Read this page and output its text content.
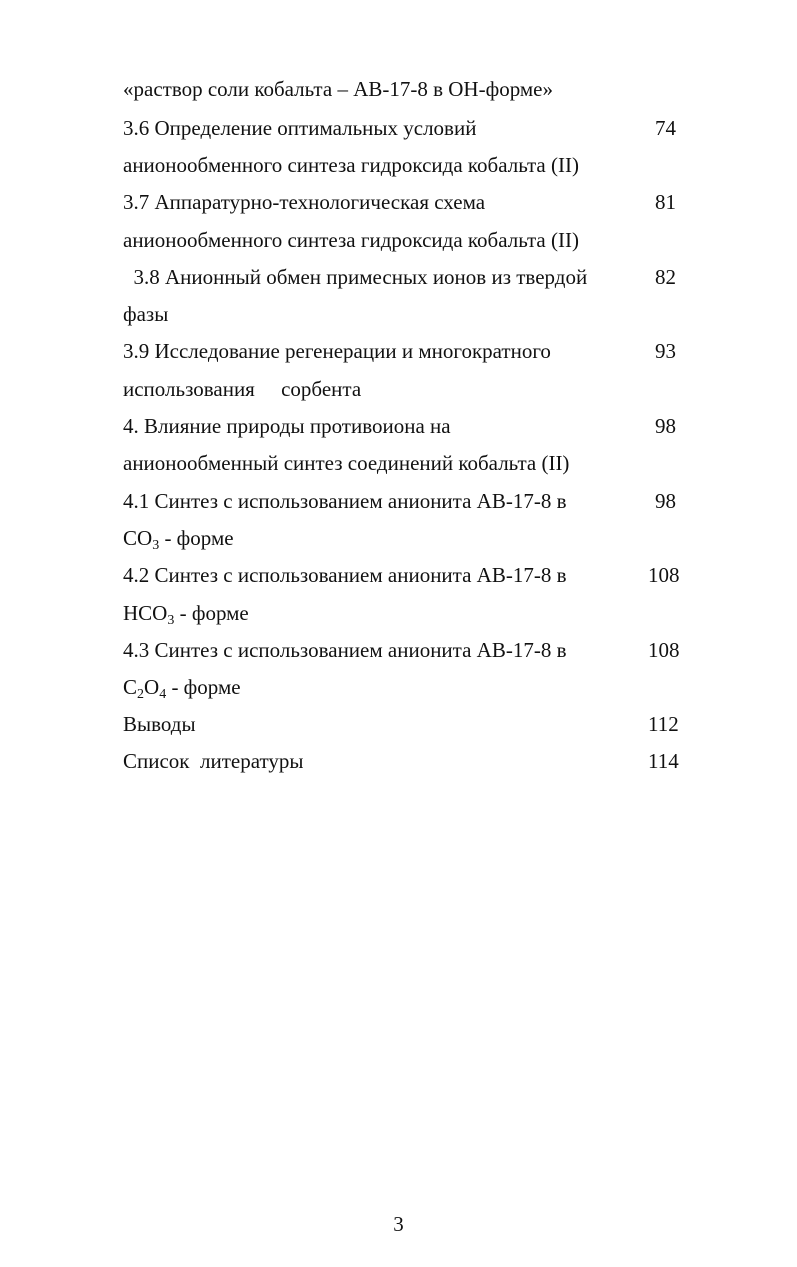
«раствор соли кобальта – АВ-17-8 в ОН-форме»
3.6 Определение оптимальных условий	74
анионообменного синтеза гидроксида кобальта (II)
3.7 Аппаратурно-технологическая схема	81
анионообменного синтеза гидроксида кобальта (II)
3.8 Анионный обмен примесных ионов из твердой	82
фазы
3.9 Исследование регенерации и многократного	93
использования     сорбента
4. Влияние природы противоиона на	98
анионообменный синтез соединений кобальта (II)
4.1 Синтез с использованием анионита АВ-17-8 в	98
$CO_3$ - форме
4.2 Синтез с использованием анионита АВ-17-8 в	108
$HCO_3$ - форме
4.3 Синтез с использованием анионита АВ-17-8 в	108
$C_2O_4$ - форме
Выводы	112
Список  литературы	114
3
